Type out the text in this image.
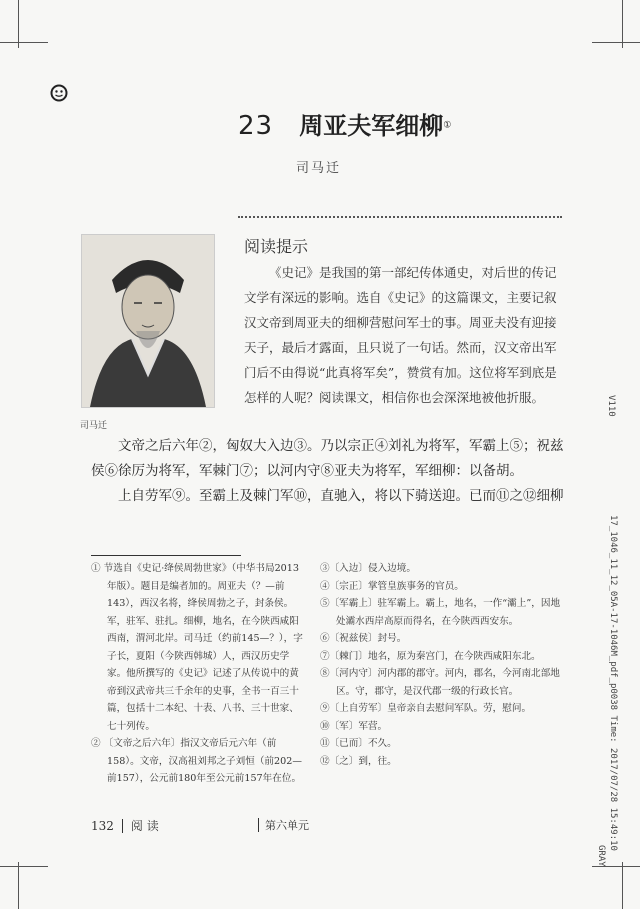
23 周亚夫军细柳①
司马迁
司马迁
阅读提示
《史记》是我国的第一部纪传体通史，对后世的传记文学有深远的影响。选自《史记》的这篇课文，主要记叙汉文帝到周亚夫的细柳营慰问军士的事。周亚夫没有迎接天子，最后才露面，且只说了一句话。然而，汉文帝出军门后不由得说“此真将军矣”，赞赏有加。这位将军到底是怎样的人呢？阅读课文，相信你也会深深地被他折服。
文帝之后六年②，匈奴大入边③。乃以宗正④刘礼为将军，军霸上⑤；祝兹侯⑥徐厉为将军，军棘门⑦；以河内守⑧亚夫为将军，军细柳：以备胡。
上自劳军⑨。至霸上及棘门军⑩，直驰入，将以下骑送迎。已而⑪之⑫细柳

① 节选自《史记·绛侯周勃世家》（中华书局2013年版）。题目是编者加的。周亚夫（？—前143），西汉名将，绛侯周勃之子，封条侯。军，驻军、驻扎。细柳，地名，在今陕西咸阳西南，渭河北岸。司马迁（约前145—？），字子长，夏阳（今陕西韩城）人，西汉历史学家。他所撰写的《史记》记述了从传说中的黄帝到汉武帝共三千余年的史事，全书一百三十篇，包括十二本纪、十表、八书、三十世家、七十列传。

② 〔文帝之后六年〕指汉文帝后元六年（前158）。文帝，汉高祖刘邦之子刘恒（前202—前157），公元前180年至公元前157年在位。

③〔入边〕侵入边境。

④〔宗正〕掌管皇族事务的官员。

⑤〔军霸上〕驻军霸上。霸上，地名，一作“灞上”，因地处灞水西岸高原而得名，在今陕西西安东。

⑥〔祝兹侯〕封号。

⑦〔棘门〕地名，原为秦宫门，在今陕西咸阳东北。

⑧〔河内守〕河内郡的郡守。河内，郡名，今河南北部地区。守，郡守，是汉代郡一级的行政长官。

⑨〔上自劳军〕皇帝亲自去慰问军队。劳，慰问。

⑩〔军〕军营。

⑪〔已而〕不久。

⑫〔之〕到，往。

132 阅 读	第六单元
V110
17_1046_11_12_05A-17-1046M_pdf_p0038 Time: 2017/07/28 15:49:10
GRAY
